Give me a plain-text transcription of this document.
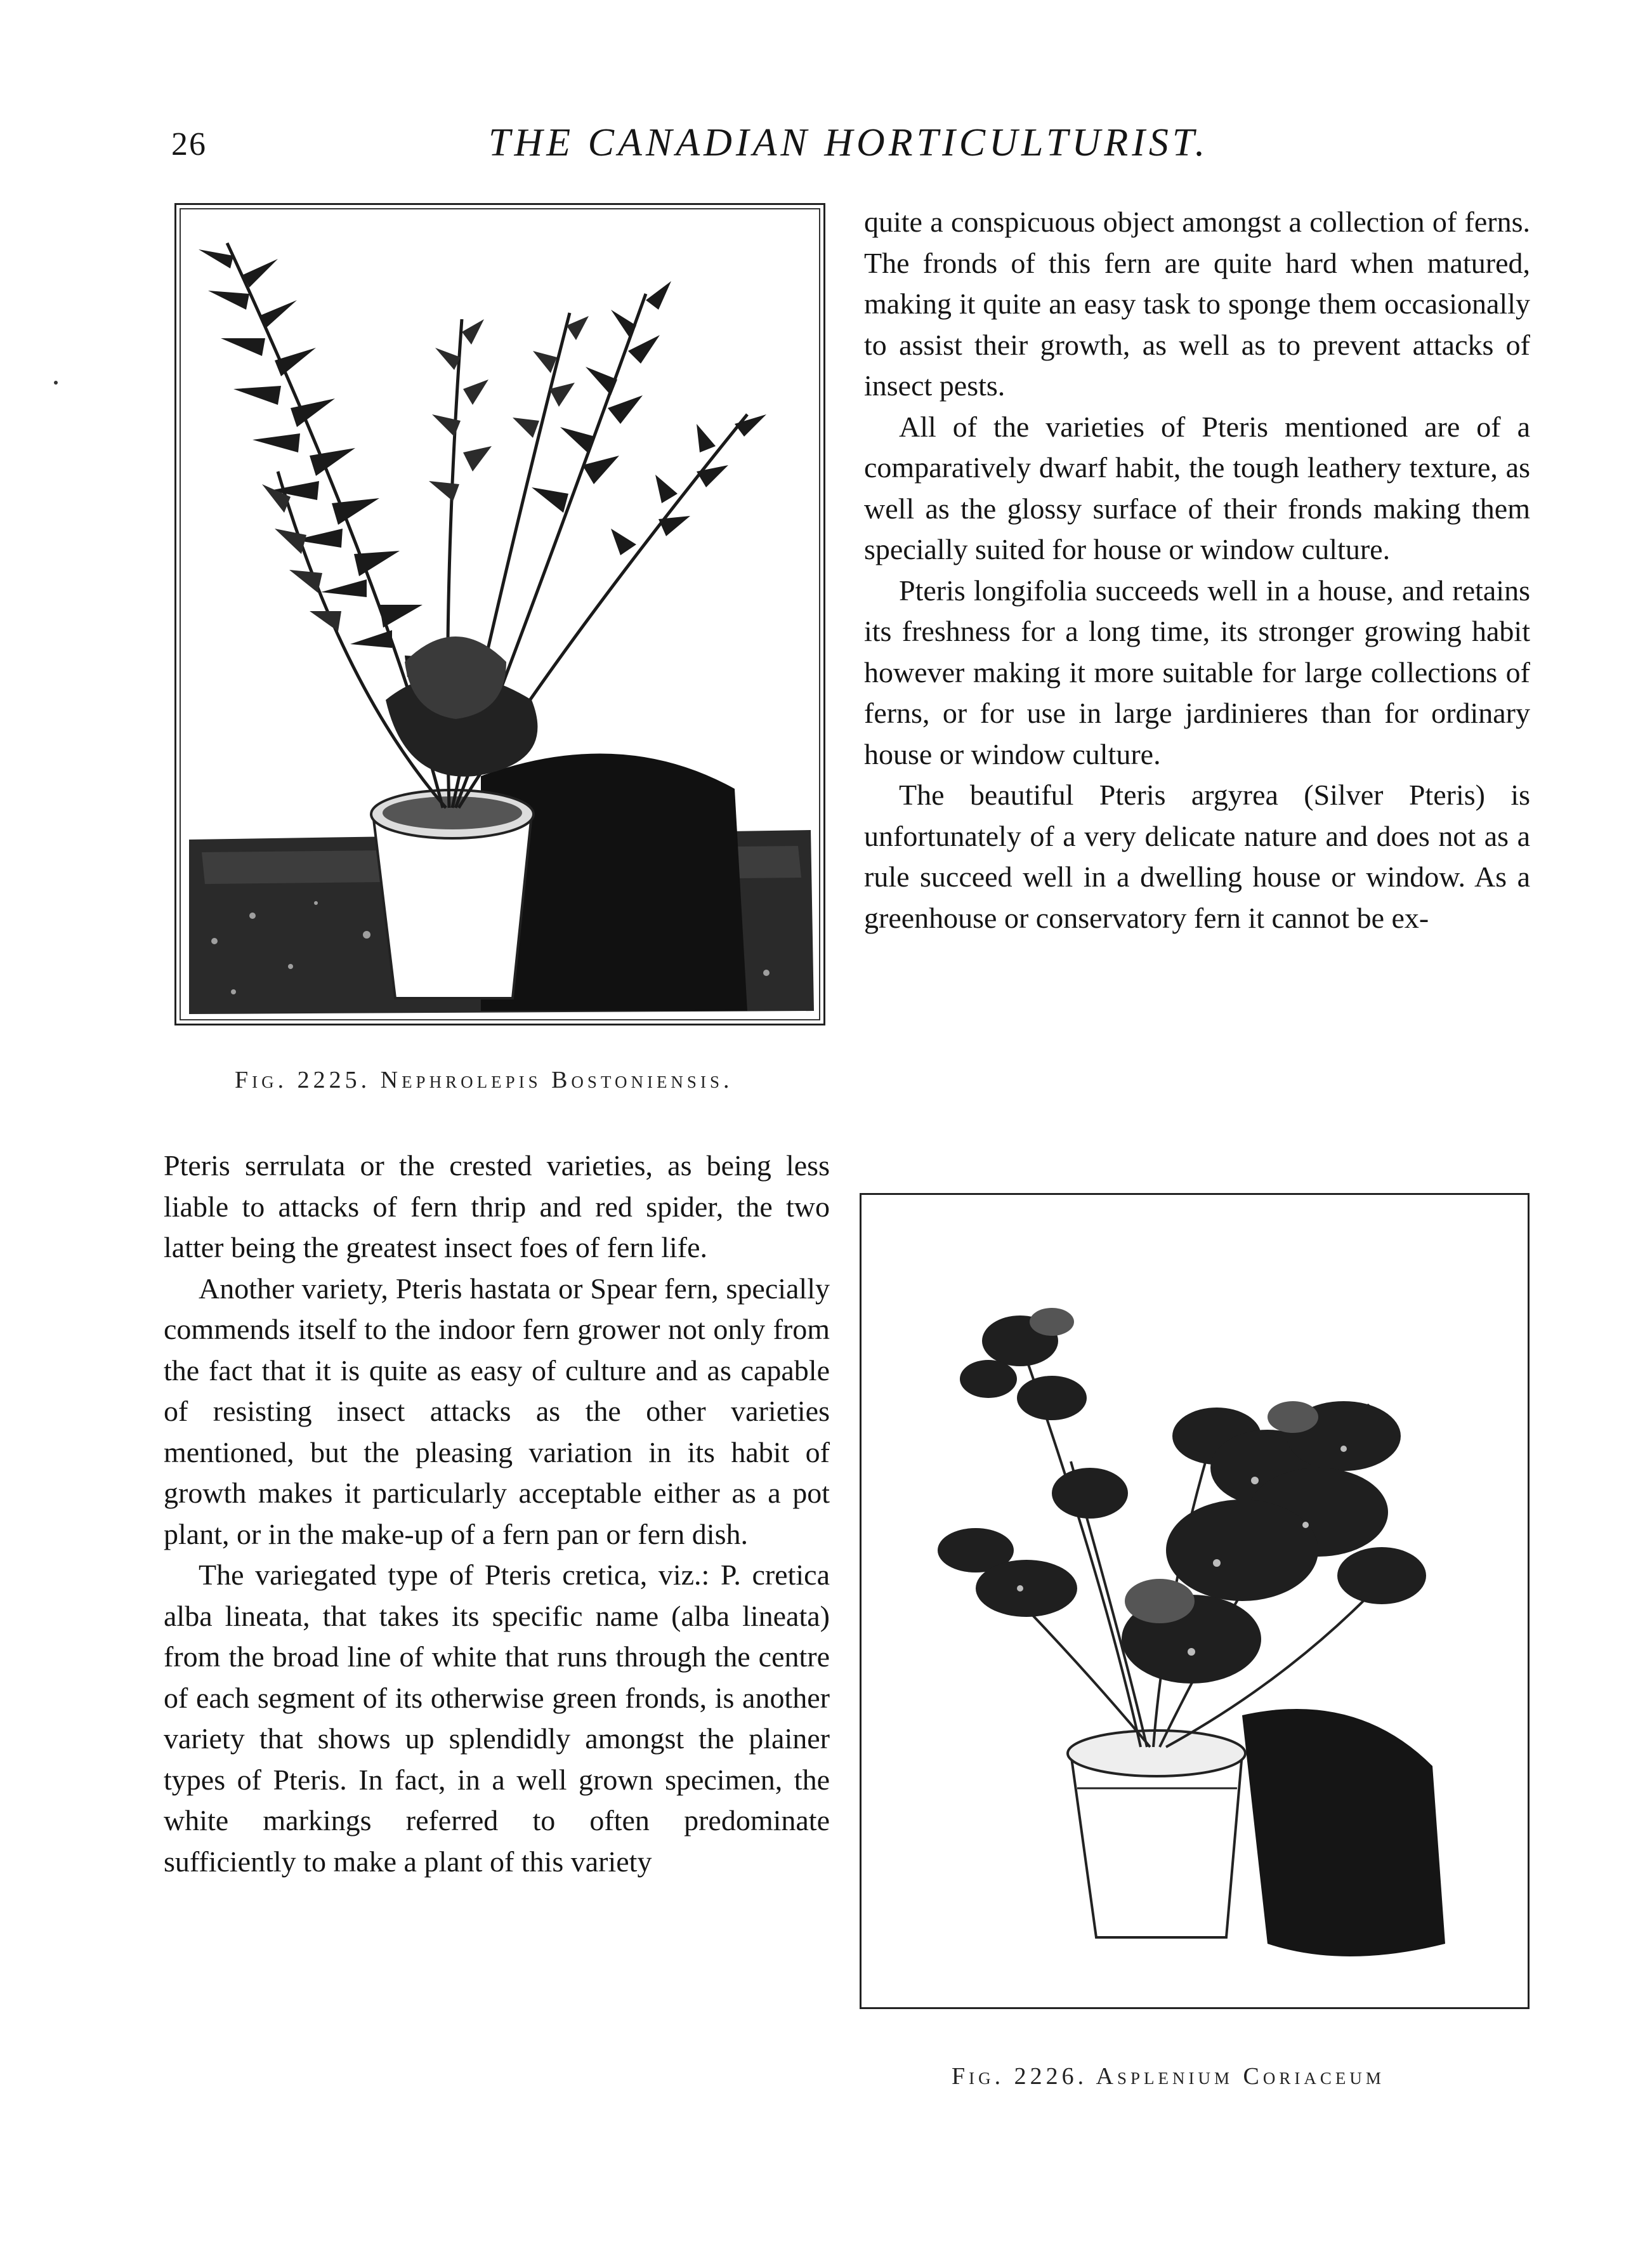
26	THE CANADIAN HORTICULTURIST.
Fig. 2225. Nephrolepis Bostoniensis.

quite a conspicuous object amongst a collection of ferns. The fronds of this fern are quite hard when matured, making it quite an easy task to sponge them occasionally to assist their growth, as well as to prevent attacks of insect pests.

All of the varieties of Pteris mentioned are of a comparatively dwarf habit, the tough leathery texture, as well as the glossy surface of their fronds making them specially suited for house or window culture.

Pteris longifolia succeeds well in a house, and retains its freshness for a long time, its stronger growing habit however making it more suitable for large collections of ferns, or for use in large jardinieres than for ordinary house or window culture.

The beautiful Pteris argyrea (Silver Pteris) is unfortunately of a very delicate nature and does not as a rule succeed well in a dwelling house or window. As a greenhouse or conservatory fern it cannot be ex-

Pteris serrulata or the crested varieties, as being less liable to attacks of fern thrip and red spider, the two latter being the greatest insect foes of fern life.

Another variety, Pteris hastata or Spear fern, specially commends itself to the indoor fern grower not only from the fact that it is quite as easy of culture and as capable of resisting insect attacks as the other varieties mentioned, but the pleasing variation in its habit of growth makes it particularly acceptable either as a pot plant, or in the make-up of a fern pan or fern dish.

The variegated type of Pteris cretica, viz.: P. cretica alba lineata, that takes its specific name (alba lineata) from the broad line of white that runs through the centre of each segment of its otherwise green fronds, is another variety that shows up splendidly amongst the plainer types of Pteris. In fact, in a well grown specimen, the white markings referred to often predominate sufficiently to make a plant of this variety

Fig. 2226. Asplenium Coriaceum
